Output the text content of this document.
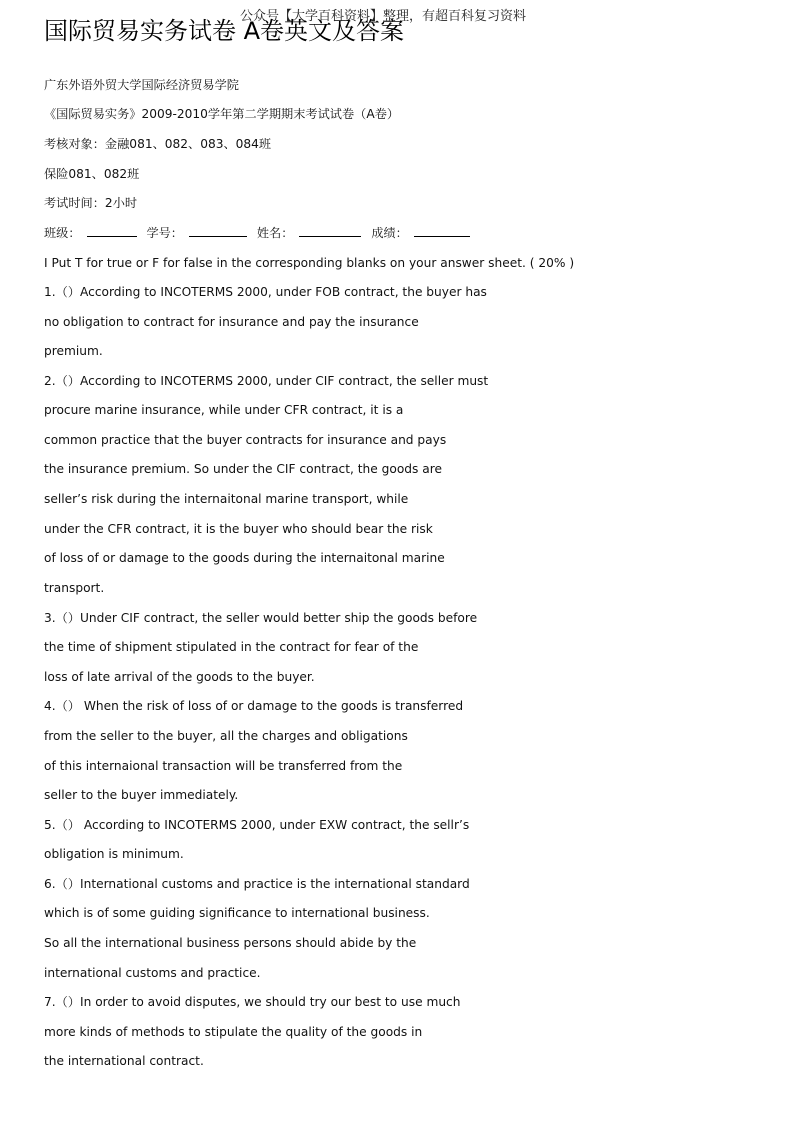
公众号【大学百科资料】整理，有超百科复习资料
国际贸易实务试卷 A卷英文及答案
广东外语外贸大学国际经济贸易学院
《国际贸易实务》2009-2010学年第二学期期末考试试卷（A卷）
考核对象：金融081、082、083、084班
保险081、082班
考试时间：2小时
班级：	学号：	姓名：	成绩：
Ⅰ Put T for true or F for false in the corresponding blanks on your answer sheet. ( 20% )
1.（）According to INCOTERMS 2000, under FOB contract, the buyer has
no obligation to contract for insurance and pay the insurance
premium.
2.（）According to INCOTERMS 2000, under CIF contract, the seller must
procure marine insurance, while under CFR contract, it is a
common practice that the buyer contracts for insurance and pays
the insurance premium. So under the CIF contract, the goods are
seller’s risk during the internaitonal marine transport, while
under the CFR contract, it is the buyer who should bear the risk
of loss of or damage to the goods during the internaitonal marine
transport.
3.（）Under CIF contract, the seller would better ship the goods before
the time of shipment stipulated in the contract for fear of the
loss of late arrival of the goods to the buyer.
4.（） When the risk of loss of or damage to the goods is transferred
from the seller to the buyer, all the charges and obligations
of this internaional transaction will be transferred from the
seller to the buyer immediately.
5.（） According to INCOTERMS 2000, under EXW contract, the sellr’s
obligation is minimum.
6.（）International customs and practice is the international standard
which is of some guiding significance to international business.
So all the international business persons should abide by the
international customs and practice.
7.（）In order to avoid disputes, we should try our best to use much
more kinds of methods to stipulate the quality of the goods in
the international contract.
